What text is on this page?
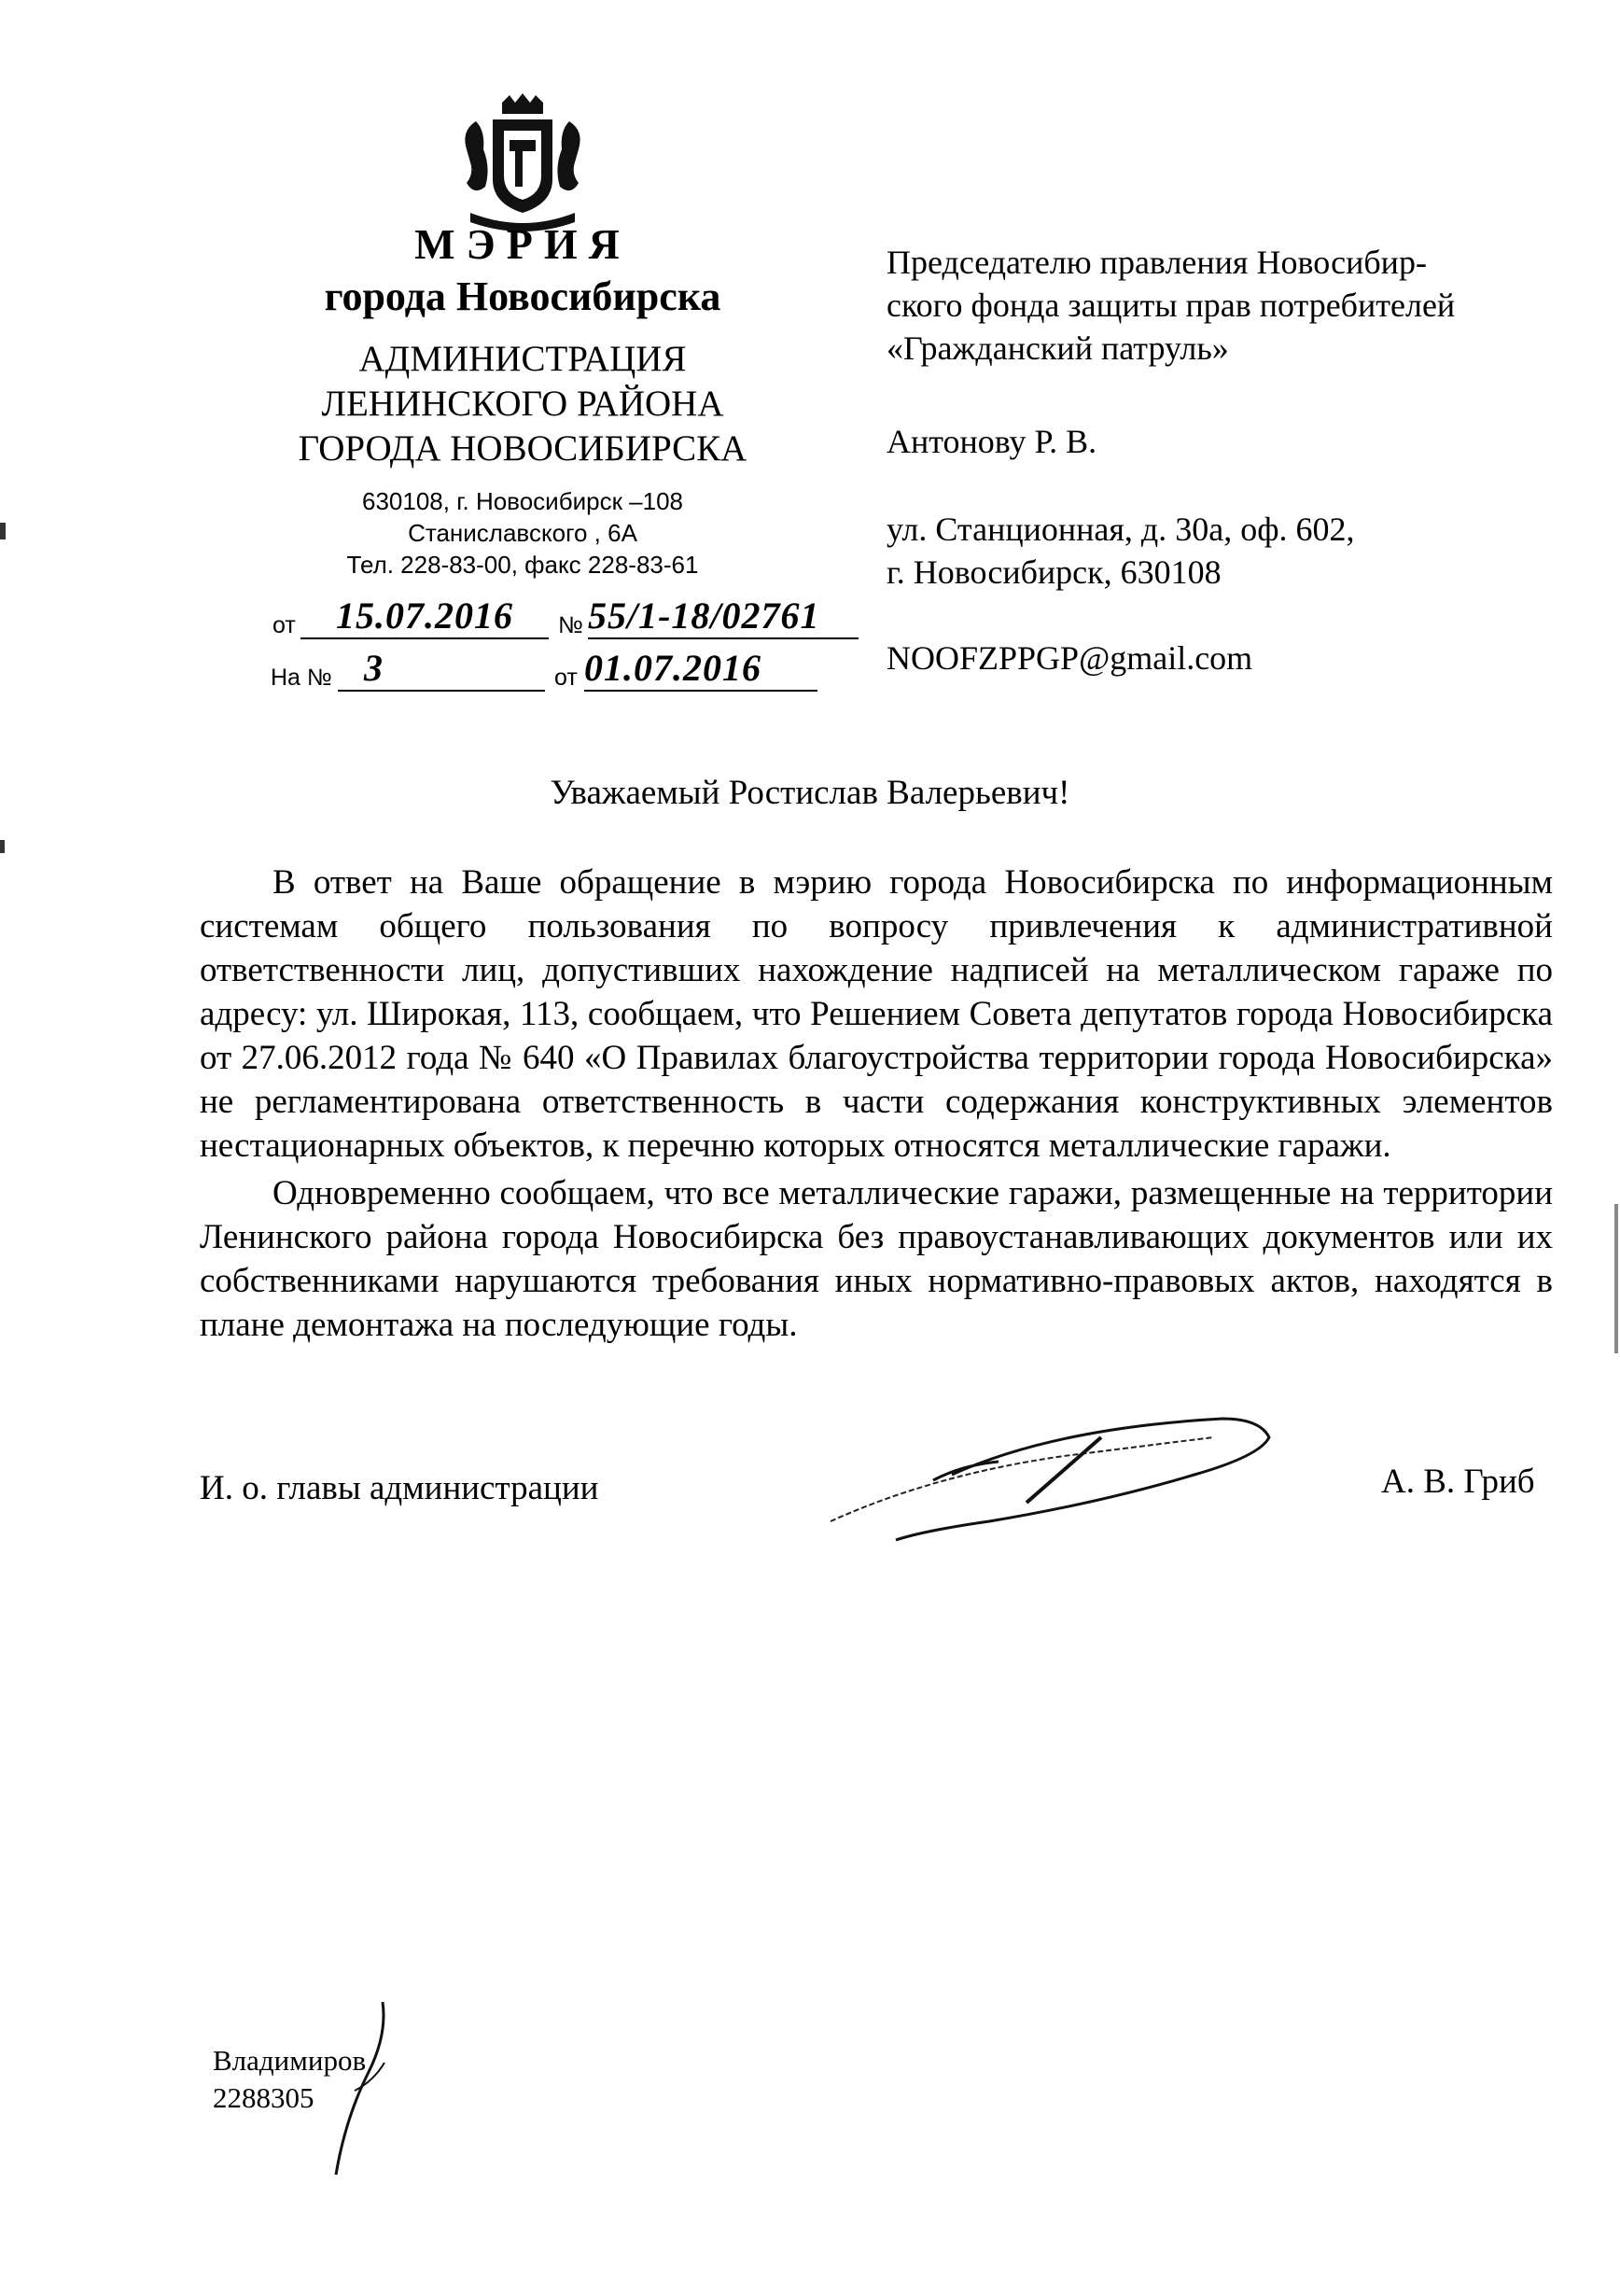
МЭРИЯ
города Новосибирска
АДМИНИСТРАЦИЯ
ЛЕНИНСКОГО РАЙОНА
ГОРОДА НОВОСИБИРСКА
630108, г. Новосибирск –108
Станиславского , 6А
Тел. 228-83-00, факс 228-83-61
от	15.07.2016	№ 55/1-18/02761
На № 3	от 01.07.2016
Председателю правления Новосибир-
ского фонда защиты прав потребителей
«Гражданский патруль»
Антонову Р. В.
ул. Станционная, д. 30а, оф. 602,
г. Новосибирск, 630108
NOOFZPPGP@gmail.com
Уважаемый Ростислав Валерьевич!

В ответ на Ваше обращение в мэрию города Новосибирска по информационным системам общего пользования по вопросу привлечения к административной ответственности лиц, допустивших нахождение надписей на металлическом гараже по адресу: ул. Широкая, 113, сообщаем, что Решением Совета депутатов города Новосибирска от 27.06.2012 года № 640 «О Правилах благоустройства территории города Новосибирска» не регламентирована ответственность в части содержания конструктивных элементов нестационарных объектов, к перечню которых относятся металлические гаражи.

Одновременно сообщаем, что все металлические гаражи, размещенные на территории Ленинского района города Новосибирска без правоустанавливающих документов или их собственниками нарушаются требования иных нормативно-правовых актов, находятся в плане демонтажа на последующие годы.

И. о. главы администрации	А. В. Гриб
Владимиров
2288305
